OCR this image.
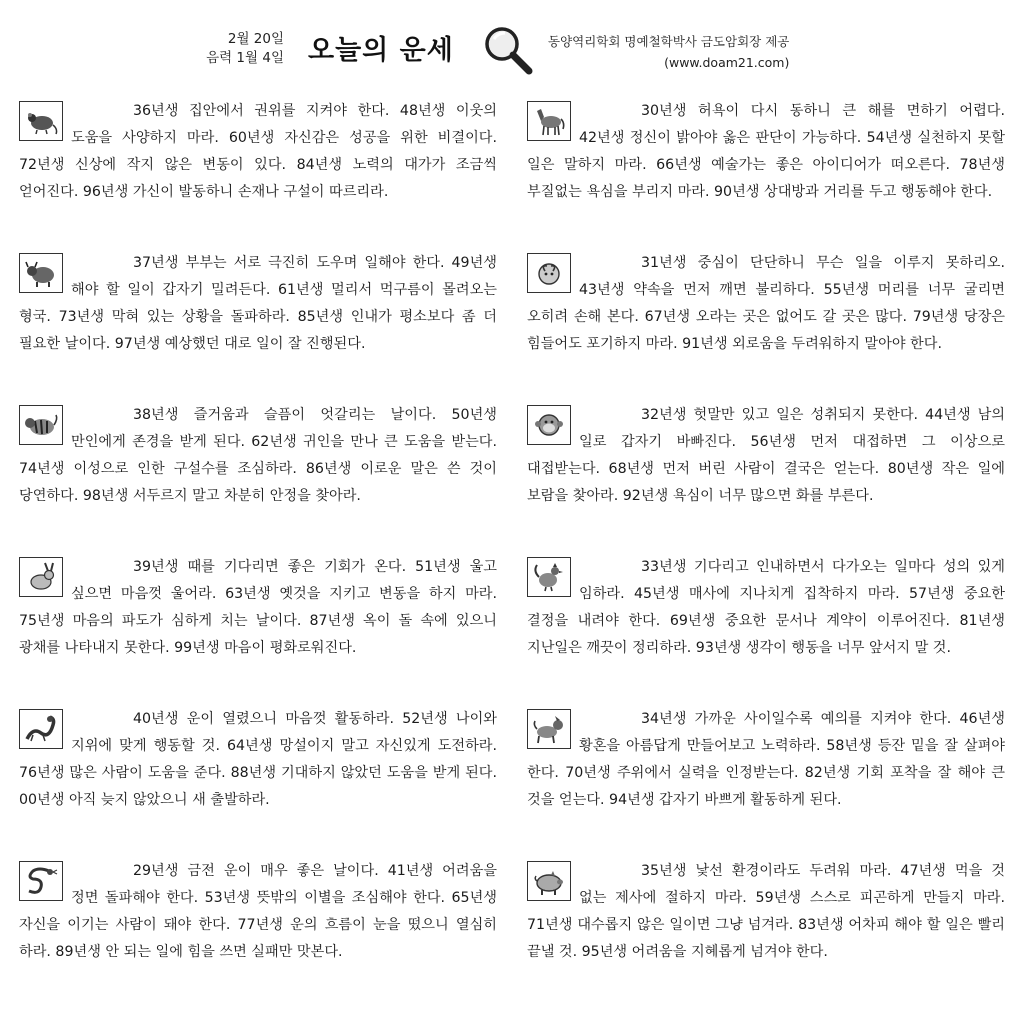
2월 20일
음력 1월 4일 오늘의 운세	동양역리학회 명예철학박사 금도암회장 제공
(www.doam21.com)

36년생 집안에서 권위를 지켜야 한다. 48년생 이웃의 도움을 사양하지 마라. 60년생 자신감은 성공을 위한 비결이다. 72년생 신상에 작지 않은 변동이 있다. 84년생 노력의 대가가 조금씩 얻어진다. 96년생 가신이 발동하니 손재나 구설이 따르리라.

37년생 부부는 서로 극진히 도우며 일해야 한다. 49년생 해야 할 일이 갑자기 밀려든다. 61년생 멀리서 먹구름이 몰려오는 형국. 73년생 막혀 있는 상황을 돌파하라. 85년생 인내가 평소보다 좀 더 필요한 날이다. 97년생 예상했던 대로 일이 잘 진행된다.

38년생 즐거움과 슬픔이 엇갈리는 날이다. 50년생 만인에게 존경을 받게 된다. 62년생 귀인을 만나 큰 도움을 받는다. 74년생 이성으로 인한 구설수를 조심하라. 86년생 이로운 말은 쓴 것이 당연하다. 98년생 서두르지 말고 차분히 안정을 찾아라.

39년생 때를 기다리면 좋은 기회가 온다. 51년생 울고 싶으면 마음껏 울어라. 63년생 옛것을 지키고 변동을 하지 마라. 75년생 마음의 파도가 심하게 치는 날이다. 87년생 옥이 돌 속에 있으니 광채를 나타내지 못한다. 99년생 마음이 평화로워진다.

40년생 운이 열렸으니 마음껏 활동하라. 52년생 나이와 지위에 맞게 행동할 것. 64년생 망설이지 말고 자신있게 도전하라. 76년생 많은 사람이 도움을 준다. 88년생 기대하지 않았던 도움을 받게 된다. 00년생 아직 늦지 않았으니 새 출발하라.

29년생 금전 운이 매우 좋은 날이다. 41년생 어려움을 정면 돌파해야 한다. 53년생 뜻밖의 이별을 조심해야 한다. 65년생 자신을 이기는 사람이 돼야 한다. 77년생 운의 흐름이 눈을 떴으니 열심히 하라. 89년생 안 되는 일에 힘을 쓰면 실패만 맛본다.

30년생 허욕이 다시 동하니 큰 해를 면하기 어렵다. 42년생 정신이 밝아야 옳은 판단이 가능하다. 54년생 실천하지 못할 일은 말하지 마라. 66년생 예술가는 좋은 아이디어가 떠오른다. 78년생 부질없는 욕심을 부리지 마라. 90년생 상대방과 거리를 두고 행동해야 한다.

31년생 중심이 단단하니 무슨 일을 이루지 못하리오. 43년생 약속을 먼저 깨면 불리하다. 55년생 머리를 너무 굴리면 오히려 손해 본다. 67년생 오라는 곳은 없어도 갈 곳은 많다. 79년생 당장은 힘들어도 포기하지 마라. 91년생 외로움을 두려워하지 말아야 한다.

32년생 헛말만 있고 일은 성취되지 못한다. 44년생 남의 일로 갑자기 바빠진다. 56년생 먼저 대접하면 그 이상으로 대접받는다. 68년생 먼저 버린 사람이 결국은 얻는다. 80년생 작은 일에 보람을 찾아라. 92년생 욕심이 너무 많으면 화를 부른다.

33년생 기다리고 인내하면서 다가오는 일마다 성의 있게 임하라. 45년생 매사에 지나치게 집착하지 마라. 57년생 중요한 결정을 내려야 한다. 69년생 중요한 문서나 계약이 이루어진다. 81년생 지난일은 깨끗이 정리하라. 93년생 생각이 행동을 너무 앞서지 말 것.

34년생 가까운 사이일수록 예의를 지켜야 한다. 46년생 황혼을 아름답게 만들어보고 노력하라. 58년생 등잔 밑을 잘 살펴야 한다. 70년생 주위에서 실력을 인정받는다. 82년생 기회 포착을 잘 해야 큰 것을 얻는다. 94년생 갑자기 바쁘게 활동하게 된다.

35년생 낯선 환경이라도 두려워 마라. 47년생 먹을 것 없는 제사에 절하지 마라. 59년생 스스로 피곤하게 만들지 마라. 71년생 대수롭지 않은 일이면 그냥 넘겨라. 83년생 어차피 해야 할 일은 빨리 끝낼 것. 95년생 어려움을 지혜롭게 넘겨야 한다.
